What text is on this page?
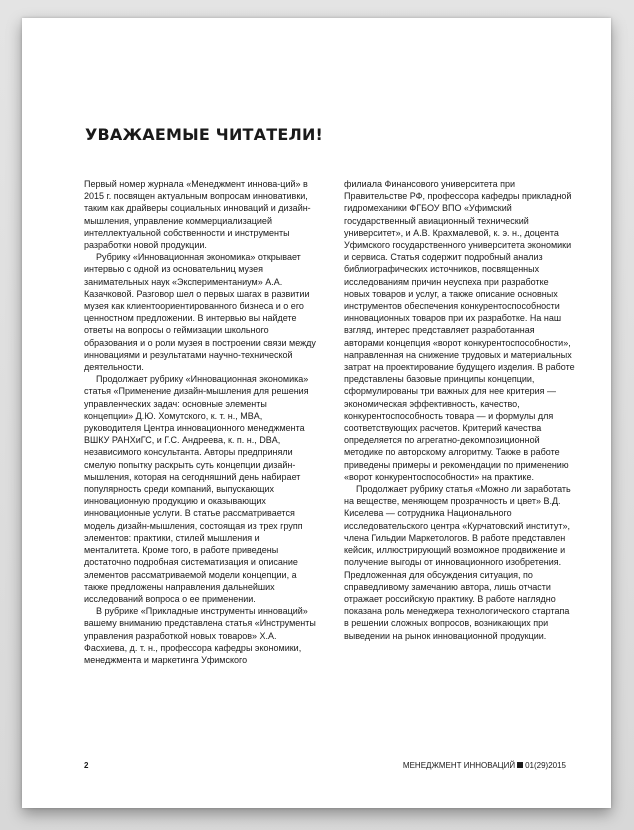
УВАЖАЕМЫЕ ЧИТАТЕЛИ!

Первый номер журнала «Менеджмент иннова-ций» в 2015 г. посвящен актуальным вопросам инновативки, таким как драйверы социальных инноваций и дизайн-мышления, управление коммерциализацией интеллектуальной собственности и инструменты разработки новой продукции.

Рубрику «Инновационная экономика» открывает интервью с одной из основательниц музея занимательных наук «Экспериментаниум» А.А. Казачковой. Разговор шел о первых шагах в развитии музея как клиентоориентированного бизнеса и о его ценностном предложении. В интервью вы найдете ответы на вопросы о геймизации школьного образования и о роли музея в построении связи между инновациями и результатами научно-технической деятельности.

Продолжает рубрику «Инновационная экономика» статья «Применение дизайн-мышления для решения управленческих задач: основные элементы концепции» Д.Ю. Хомутского, к. т. н., MBA, руководителя Центра инновационного менеджмента ВШКУ РАНХиГС, и Г.С. Андреева, к. п. н., DBA, независимого консультанта. Авторы предприняли смелую попытку раскрыть суть концепции дизайн-мышления, которая на сегодняшний день набирает популярность среди компаний, выпускающих инновационную продукцию и оказывающих инновационные услуги. В статье рассматривается модель дизайн-мышления, состоящая из трех групп элементов: практики, стилей мышления и менталитета. Кроме того, в работе приведены достаточно подробная систематизация и описание элементов рассматриваемой модели концепции, а также предложены направления дальнейших исследований вопроса о ее применении.

В рубрике «Прикладные инструменты инноваций» вашему вниманию представлена статья «Инструменты управления разработкой новых товаров» Х.А. Фасхиева, д. т. н., профессора кафедры экономики, менеджмента и маркетинга Уфимского

филиала Финансового университета при Правительстве РФ, профессора кафедры прикладной гидромеханики ФГБОУ ВПО «Уфимский государственный авиационный технический университет», и А.В. Крахмалевой, к. э. н., доцента Уфимского государственного университета экономики и сервиса. Статья содержит подробный анализ библиографических источников, посвященных исследованиям причин неуспеха при разработке новых товаров и услуг, а также описание основных инструментов обеспечения конкурентоспособности инновационных товаров при их разработке. На наш взгляд, интерес представляет разработанная авторами концепция «ворот конкурентоспособности», направленная на снижение трудовых и материальных затрат на проектирование будущего изделия. В работе представлены базовые принципы концепции, сформулированы три важных для нее критерия — экономическая эффективность, качество, конкурентоспособность товара — и формулы для соответствующих расчетов. Критерий качества определяется по агрегатно-декомпозиционной методике по авторскому алгоритму. Также в работе приведены примеры и рекомендации по применению «ворот конкурентоспособности» на практике.

Продолжает рубрику статья «Можно ли заработать на веществе, меняющем прозрачность и цвет» В.Д. Киселева — сотрудника Национального исследовательского центра «Курчатовский институт», члена Гильдии Маркетологов. В работе представлен кейсик, иллюстрирующий возможное продвижение и получение выгоды от инновационного изобретения. Предложенная для обсуждения ситуация, по справедливому замечанию автора, лишь отчасти отражает российскую практику. В работе наглядно показана роль менеджера технологического стартапа в решении сложных вопросов, возникающих при выведении на рынок инновационной продукции.

2	МЕНЕДЖМЕНТ ИННОВАЦИЙ 01(29)2015
